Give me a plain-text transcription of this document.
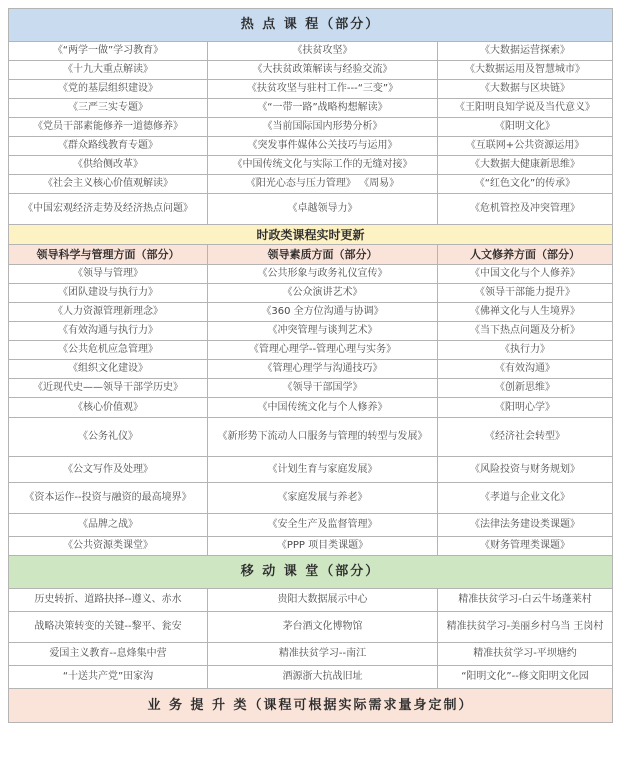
热 点 课 程（部分）		
《“两学一做”学习教育》	《扶贫攻坚》	《大数据运营探索》
《十九大重点解读》	《大扶贫政策解读与经验交流》	《大数据运用及智慧城市》
《党的基层组织建设》	《扶贫攻坚与驻村工作---“三变”》	《大数据与区块链》
《三严三实专题》	《“一带一路”战略构想解读》	《王阳明良知学说及当代意义》
《党员干部素能修养一道德修养》	《当前国际国内形势分析》	《阳明文化》
《群众路线教育专题》	《突发事件媒体公关技巧与运用》	《互联网+公共资源运用》
《供给侧改革》	《中国传统文化与实际工作的无缝对接》	《大数据大健康新思维》
《社会主义核心价值观解读》	《阳光心态与压力管理》 《周易》	《“红色文化”的传承》
《中国宏观经济走势及经济热点问题》	《卓越领导力》	《危机管控及冲突管理》
时政类课程实时更新		
领导科学与管理方面（部分）	领导素质方面（部分）	人文修养方面（部分）
《领导与管理》	《公共形象与政务礼仪宣传》	《中国文化与个人修养》
《团队建设与执行力》	《公众演讲艺术》	《领导干部能力提升》
《人力资源管理新理念》	《360 全方位沟通与协调》	《佛禅文化与人生境界》
《有效沟通与执行力》	《冲突管理与谈判艺术》	《当下热点问题及分析》
《公共危机应急管理》	《管理心理学--管理心理与实务》	《执行力》
《组织文化建设》	《管理心理学与沟通技巧》	《有效沟通》
《近现代史——领导干部学历史》	《领导干部国学》	《创新思维》
《核心价值观》	《中国传统文化与个人修养》	《阳明心学》
《公务礼仪》	《新形势下流动人口服务与管理的转型与发展》	《经济社会转型》
《公文写作及处理》	《计划生育与家庭发展》	《风险投资与财务规划》
《资本运作--投资与融资的最高境界》	《家庭发展与养老》	《孝道与企业文化》
《品牌之战》	《安全生产及监督管理》	《法律法务建设类课题》
《公共资源类课堂》	《PPP 项目类课题》	《财务管理类课题》
移 动 课 堂（部分）		
历史转折、道路抉择--遵义、赤水	贵阳大数据展示中心	精准扶贫学习-白云牛场蓬莱村
战略决策转变的关键--黎平、瓮安	茅台酒文化博物馆	精准扶贫学习-美丽乡村乌当 王岗村
爱国主义教育--息烽集中营	精准扶贫学习--南江	精准扶贫学习-平坝塘约
“十送共产党”田家沟	酒源浙大抗战旧址	“阳明文化”--修文阳明文化园
业 务 提 升 类（课程可根据实际需求量身定制）		
